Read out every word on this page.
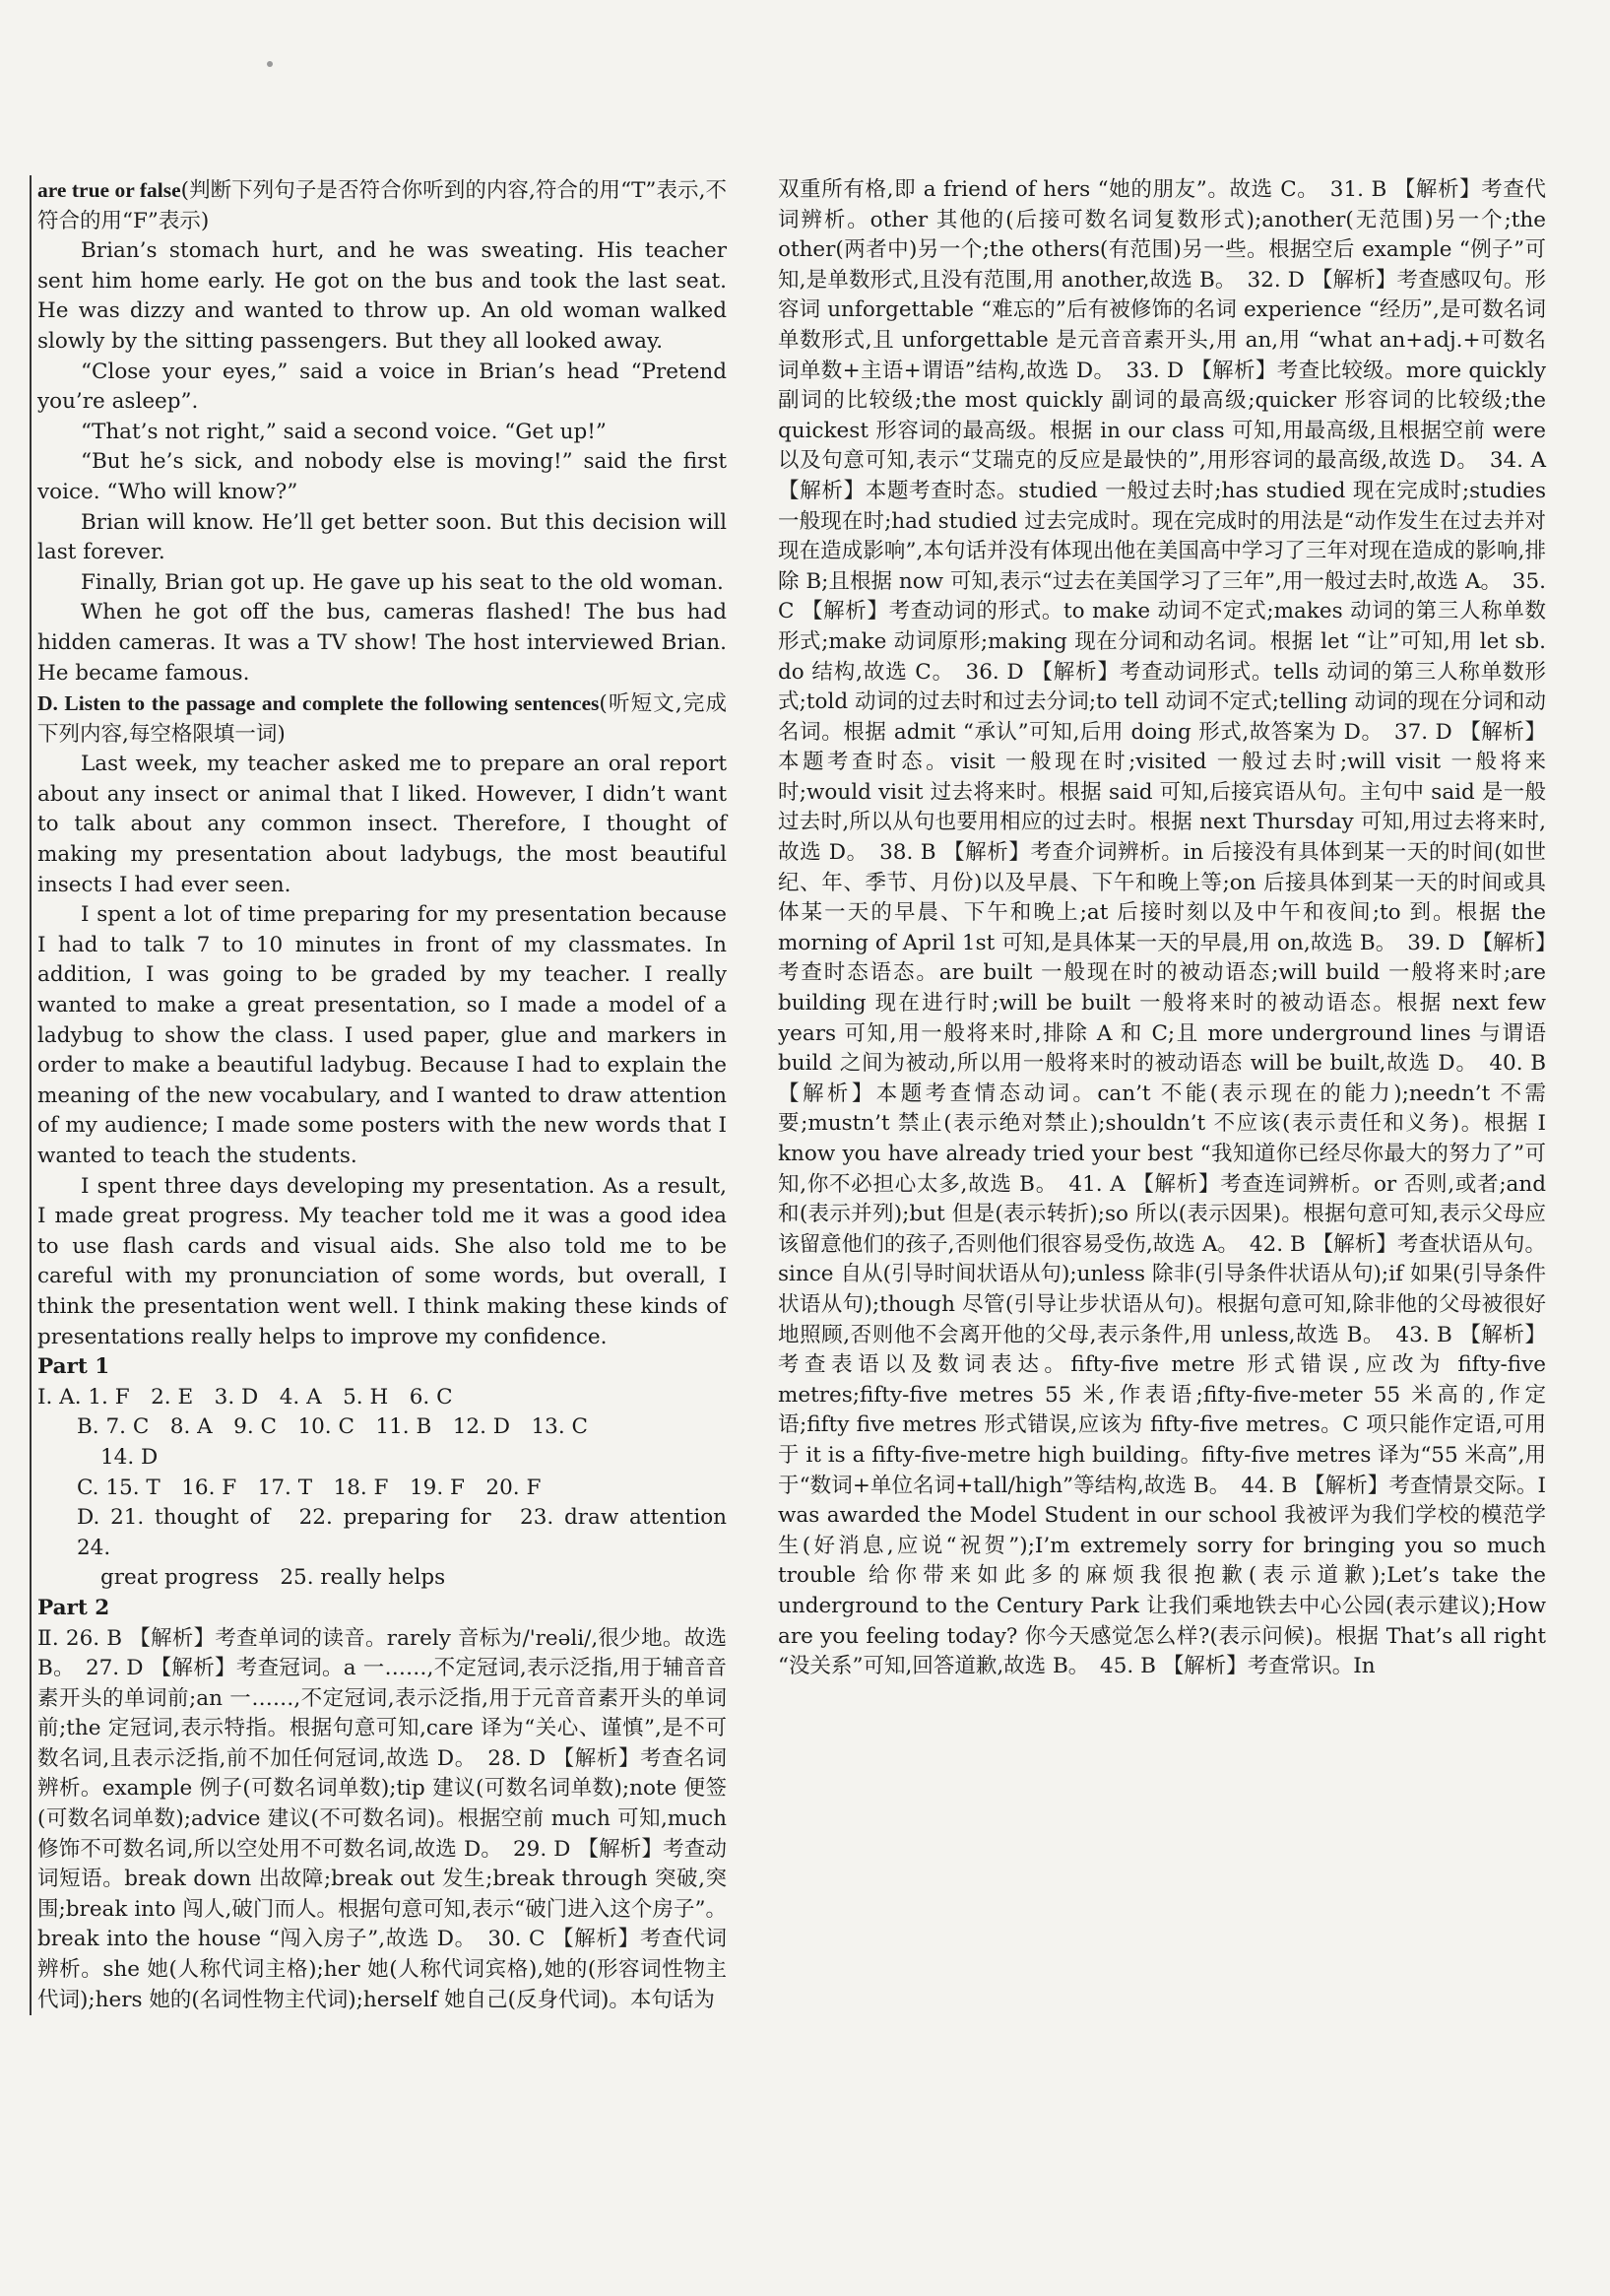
are true or false(判断下列句子是否符合你听到的内容,符合的用“T”表示,不符合的用“F”表示)

Brian’s stomach hurt, and he was sweating. His teacher sent him home early. He got on the bus and took the last seat. He was dizzy and wanted to throw up. An old woman walked slowly by the sitting passengers. But they all looked away.

“Close your eyes,” said a voice in Brian’s head “Pretend you’re asleep”.

“That’s not right,” said a second voice. “Get up!”

“But he’s sick, and nobody else is moving!” said the first voice. “Who will know?”

Brian will know. He’ll get better soon. But this decision will last forever.

Finally, Brian got up. He gave up his seat to the old woman.

When he got off the bus, cameras flashed! The bus had hidden cameras. It was a TV show! The host interviewed Brian. He became famous.

D. Listen to the passage and complete the following sentences(听短文,完成下列内容,每空格限填一词)

Last week, my teacher asked me to prepare an oral report about any insect or animal that I liked. However, I didn’t want to talk about any common insect. Therefore, I thought of making my presentation about ladybugs, the most beautiful insects I had ever seen.

I spent a lot of time preparing for my presentation because I had to talk 7 to 10 minutes in front of my classmates. In addition, I was going to be graded by my teacher. I really wanted to make a great presentation, so I made a model of a ladybug to show the class. I used paper, glue and markers in order to make a beautiful ladybug. Because I had to explain the meaning of the new vocabulary, and I wanted to draw attention of my audience; I made some posters with the new words that I wanted to teach the students.

I spent three days developing my presentation. As a result, I made great progress. My teacher told me it was a good idea to use flash cards and visual aids. She also told me to be careful with my pronunciation of some words, but overall, I think the presentation went well. I think making these kinds of presentations really helps to improve my confidence.

Part 1

Ⅰ. A. 1. F　2. E　3. D　4. A　5. H　6. C

B. 7. C　8. A　9. C　10. C　11. B　12. D　13. C

14. D

C. 15. T　16. F　17. T　18. F　19. F　20. F

D. 21. thought of　22. preparing for　23. draw attention　24.

great progress　25. really helps

Part 2

Ⅱ. 26. B 【解析】考查单词的读音。rarely 音标为/'reəli/,很少地。故选 B。　27. D 【解析】考查冠词。a 一……,不定冠词,表示泛指,用于辅音音素开头的单词前;an 一……,不定冠词,表示泛指,用于元音音素开头的单词前;the 定冠词,表示特指。根据句意可知,care 译为“关心、谨慎”,是不可数名词,且表示泛指,前不加任何冠词,故选 D。　28. D 【解析】考查名词辨析。example 例子(可数名词单数);tip 建议(可数名词单数);note 便签(可数名词单数);advice 建议(不可数名词)。根据空前 much 可知,much 修饰不可数名词,所以空处用不可数名词,故选 D。　29. D 【解析】考查动词短语。break down 出故障;break out 发生;break through 突破,突围;break into 闯人,破门而人。根据句意可知,表示“破门进入这个房子”。break into the house “闯入房子”,故选 D。　30. C 【解析】考查代词辨析。she 她(人称代词主格);her 她(人称代词宾格),她的(形容词性物主代词);hers 她的(名词性物主代词);herself 她自己(反身代词)。本句话为

双重所有格,即 a friend of hers “她的朋友”。故选 C。　31. B 【解析】考查代词辨析。other 其他的(后接可数名词复数形式);another(无范围)另一个;the other(两者中)另一个;the others(有范围)另一些。根据空后 example “例子”可知,是单数形式,且没有范围,用 another,故选 B。　32. D 【解析】考查感叹句。形容词 unforgettable “难忘的”后有被修饰的名词 experience “经历”,是可数名词单数形式,且 unforgettable 是元音音素开头,用 an,用 “what an+adj.+可数名词单数+主语+谓语”结构,故选 D。　33. D 【解析】考查比较级。more quickly 副词的比较级;the most quickly 副词的最高级;quicker 形容词的比较级;the quickest 形容词的最高级。根据 in our class 可知,用最高级,且根据空前 were 以及句意可知,表示“艾瑞克的反应是最快的”,用形容词的最高级,故选 D。　34. A 【解析】本题考查时态。studied 一般过去时;has studied 现在完成时;studies 一般现在时;had studied 过去完成时。现在完成时的用法是“动作发生在过去并对现在造成影响”,本句话并没有体现出他在美国高中学习了三年对现在造成的影响,排除 B;且根据 now 可知,表示“过去在美国学习了三年”,用一般过去时,故选 A。　35. C 【解析】考查动词的形式。to make 动词不定式;makes 动词的第三人称单数形式;make 动词原形;making 现在分词和动名词。根据 let “让”可知,用 let sb. do 结构,故选 C。　36. D 【解析】考查动词形式。tells 动词的第三人称单数形式;told 动词的过去时和过去分词;to tell 动词不定式;telling 动词的现在分词和动名词。根据 admit “承认”可知,后用 doing 形式,故答案为 D。　37. D 【解析】本题考查时态。visit 一般现在时;visited 一般过去时;will visit 一般将来时;would visit 过去将来时。根据 said 可知,后接宾语从句。主句中 said 是一般过去时,所以从句也要用相应的过去时。根据 next Thursday 可知,用过去将来时,故选 D。　38. B 【解析】考查介词辨析。in 后接没有具体到某一天的时间(如世纪、年、季节、月份)以及早晨、下午和晚上等;on 后接具体到某一天的时间或具体某一天的早晨、下午和晚上;at 后接时刻以及中午和夜间;to 到。根据 the morning of April 1st 可知,是具体某一天的早晨,用 on,故选 B。　39. D 【解析】考查时态语态。are built 一般现在时的被动语态;will build 一般将来时;are building 现在进行时;will be built 一般将来时的被动语态。根据 next few years 可知,用一般将来时,排除 A 和 C;且 more underground lines 与谓语 build 之间为被动,所以用一般将来时的被动语态 will be built,故选 D。　40. B 【解析】本题考查情态动词。can’t 不能(表示现在的能力);needn’t 不需要;mustn’t 禁止(表示绝对禁止);shouldn’t 不应该(表示责任和义务)。根据 I know you have already tried your best “我知道你已经尽你最大的努力了”可知,你不必担心太多,故选 B。　41. A 【解析】考查连词辨析。or 否则,或者;and 和(表示并列);but 但是(表示转折);so 所以(表示因果)。根据句意可知,表示父母应该留意他们的孩子,否则他们很容易受伤,故选 A。　42. B 【解析】考查状语从句。since 自从(引导时间状语从句);unless 除非(引导条件状语从句);if 如果(引导条件状语从句);though 尽管(引导让步状语从句)。根据句意可知,除非他的父母被很好地照顾,否则他不会离开他的父母,表示条件,用 unless,故选 B。　43. B 【解析】考查表语以及数词表达。fifty-five metre 形式错误,应改为 fifty-five metres;fifty-five metres 55 米,作表语;fifty-five-meter 55 米高的,作定语;fifty five metres 形式错误,应该为 fifty-five metres。C 项只能作定语,可用于 it is a fifty-five-metre high building。fifty-five metres 译为“55 米高”,用于“数词+单位名词+tall/high”等结构,故选 B。　44. B 【解析】考查情景交际。I was awarded the Model Student in our school 我被评为我们学校的模范学生(好消息,应说“祝贺”);I’m extremely sorry for bringing you so much trouble 给你带来如此多的麻烦我很抱歉(表示道歉);Let’s take the underground to the Century Park 让我们乘地铁去中心公园(表示建议);How are you feeling today? 你今天感觉怎么样?(表示问候)。根据 That’s all right “没关系”可知,回答道歉,故选 B。　45. B 【解析】考查常识。In
